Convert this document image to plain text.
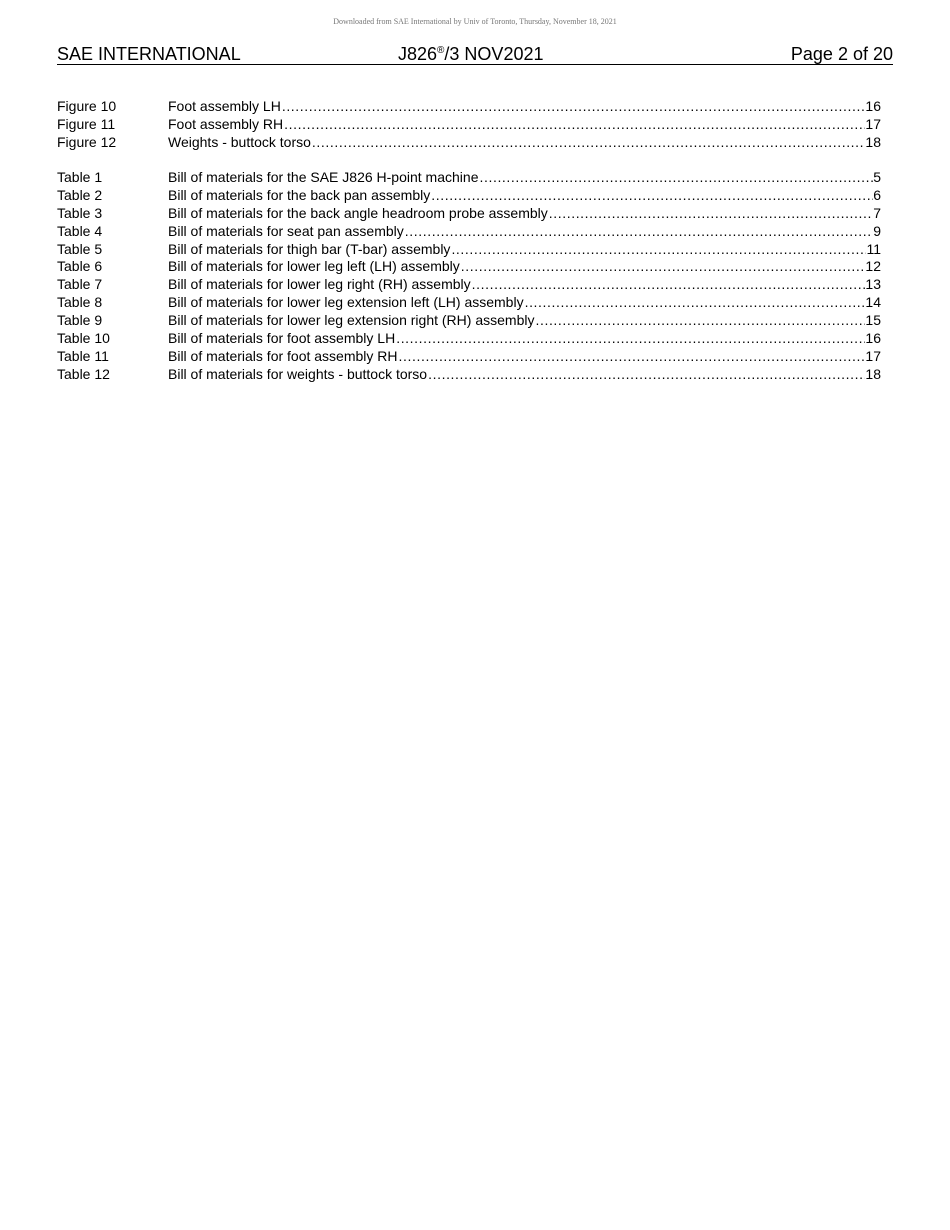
Downloaded from SAE International by Univ of Toronto, Thursday, November 18, 2021
SAE INTERNATIONAL	J826®/3 NOV2021	Page 2 of 20
Figure 10	Foot assembly LH .....	16
Figure 11	Foot assembly RH .....	17
Figure 12	Weights - buttock torso .....	18
Table 1	Bill of materials for the SAE J826 H-point machine .....	5
Table 2	Bill of materials for the back pan assembly .....	6
Table 3	Bill of materials for the back angle headroom probe assembly .....	7
Table 4	Bill of materials for seat pan assembly .....	9
Table 5	Bill of materials for thigh bar (T-bar) assembly .....	11
Table 6	Bill of materials for lower leg left (LH) assembly .....	12
Table 7	Bill of materials for lower leg right (RH) assembly .....	13
Table 8	Bill of materials for lower leg extension left (LH) assembly .....	14
Table 9	Bill of materials for lower leg extension right (RH) assembly .....	15
Table 10	Bill of materials for foot assembly LH .....	16
Table 11	Bill of materials for foot assembly RH .....	17
Table 12	Bill of materials for weights - buttock torso .....	18
